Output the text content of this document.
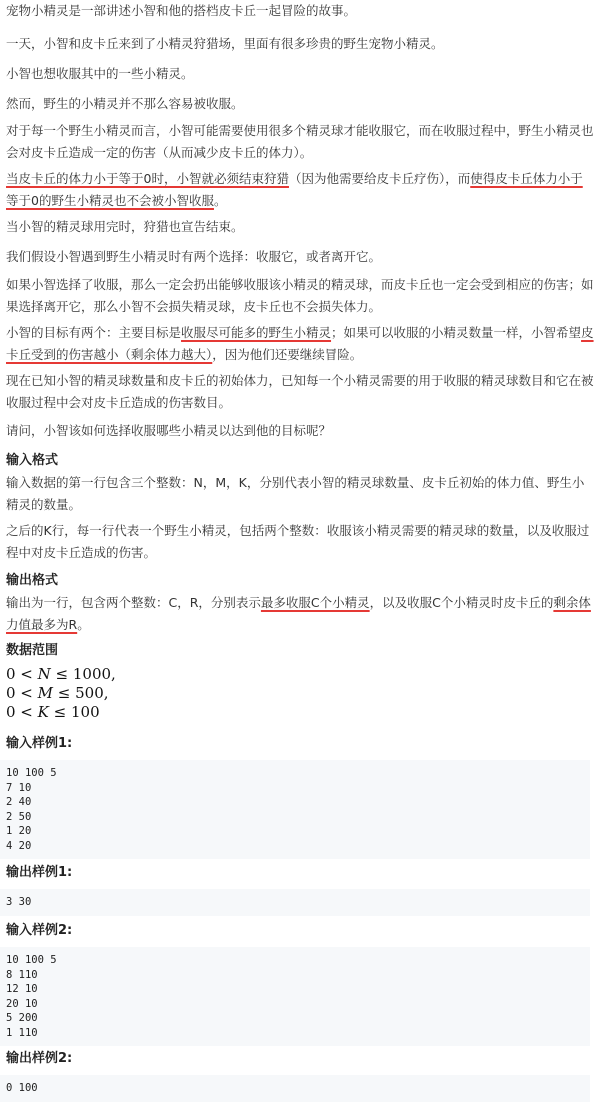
宠物小精灵是一部讲述小智和他的搭档皮卡丘一起冒险的故事。

一天，小智和皮卡丘来到了小精灵狩猎场，里面有很多珍贵的野生宠物小精灵。

小智也想收服其中的一些小精灵。

然而，野生的小精灵并不那么容易被收服。

对于每一个野生小精灵而言，小智可能需要使用很多个精灵球才能收服它，而在收服过程中，野生小精灵也会对皮卡丘造成一定的伤害（从而减少皮卡丘的体力）。

当皮卡丘的体力小于等于0时，小智就必须结束狩猎（因为他需要给皮卡丘疗伤），而使得皮卡丘体力小于等于0的野生小精灵也不会被小智收服。

当小智的精灵球用完时，狩猎也宣告结束。

我们假设小智遇到野生小精灵时有两个选择：收服它，或者离开它。

如果小智选择了收服，那么一定会扔出能够收服该小精灵的精灵球，而皮卡丘也一定会受到相应的伤害；如果选择离开它，那么小智不会损失精灵球，皮卡丘也不会损失体力。

小智的目标有两个：主要目标是收服尽可能多的野生小精灵；如果可以收服的小精灵数量一样，小智希望皮卡丘受到的伤害越小（剩余体力越大），因为他们还要继续冒险。

现在已知小智的精灵球数量和皮卡丘的初始体力，已知每一个小精灵需要的用于收服的精灵球数目和它在被收服过程中会对皮卡丘造成的伤害数目。

请问，小智该如何选择收服哪些小精灵以达到他的目标呢？

输入格式

输入数据的第一行包含三个整数：N，M，K，分别代表小智的精灵球数量、皮卡丘初始的体力值、野生小精灵的数量。

之后的K行，每一行代表一个野生小精灵，包括两个整数：收服该小精灵需要的精灵球的数量，以及收服过程中对皮卡丘造成的伤害。

输出格式

输出为一行，包含两个整数：C，R，分别表示最多收服C个小精灵，以及收服C个小精灵时皮卡丘的剩余体力值最多为R。

数据范围
0 < N ≤ 1000,
0 < M ≤ 500,
0 < K ≤ 100
输入样例1:
10 100 5
7 10
2 40
2 50
1 20
4 20
输出样例1:
3 30
输入样例2:
10 100 5
8 110
12 10
20 10
5 200
1 110
输出样例2:
0 100
